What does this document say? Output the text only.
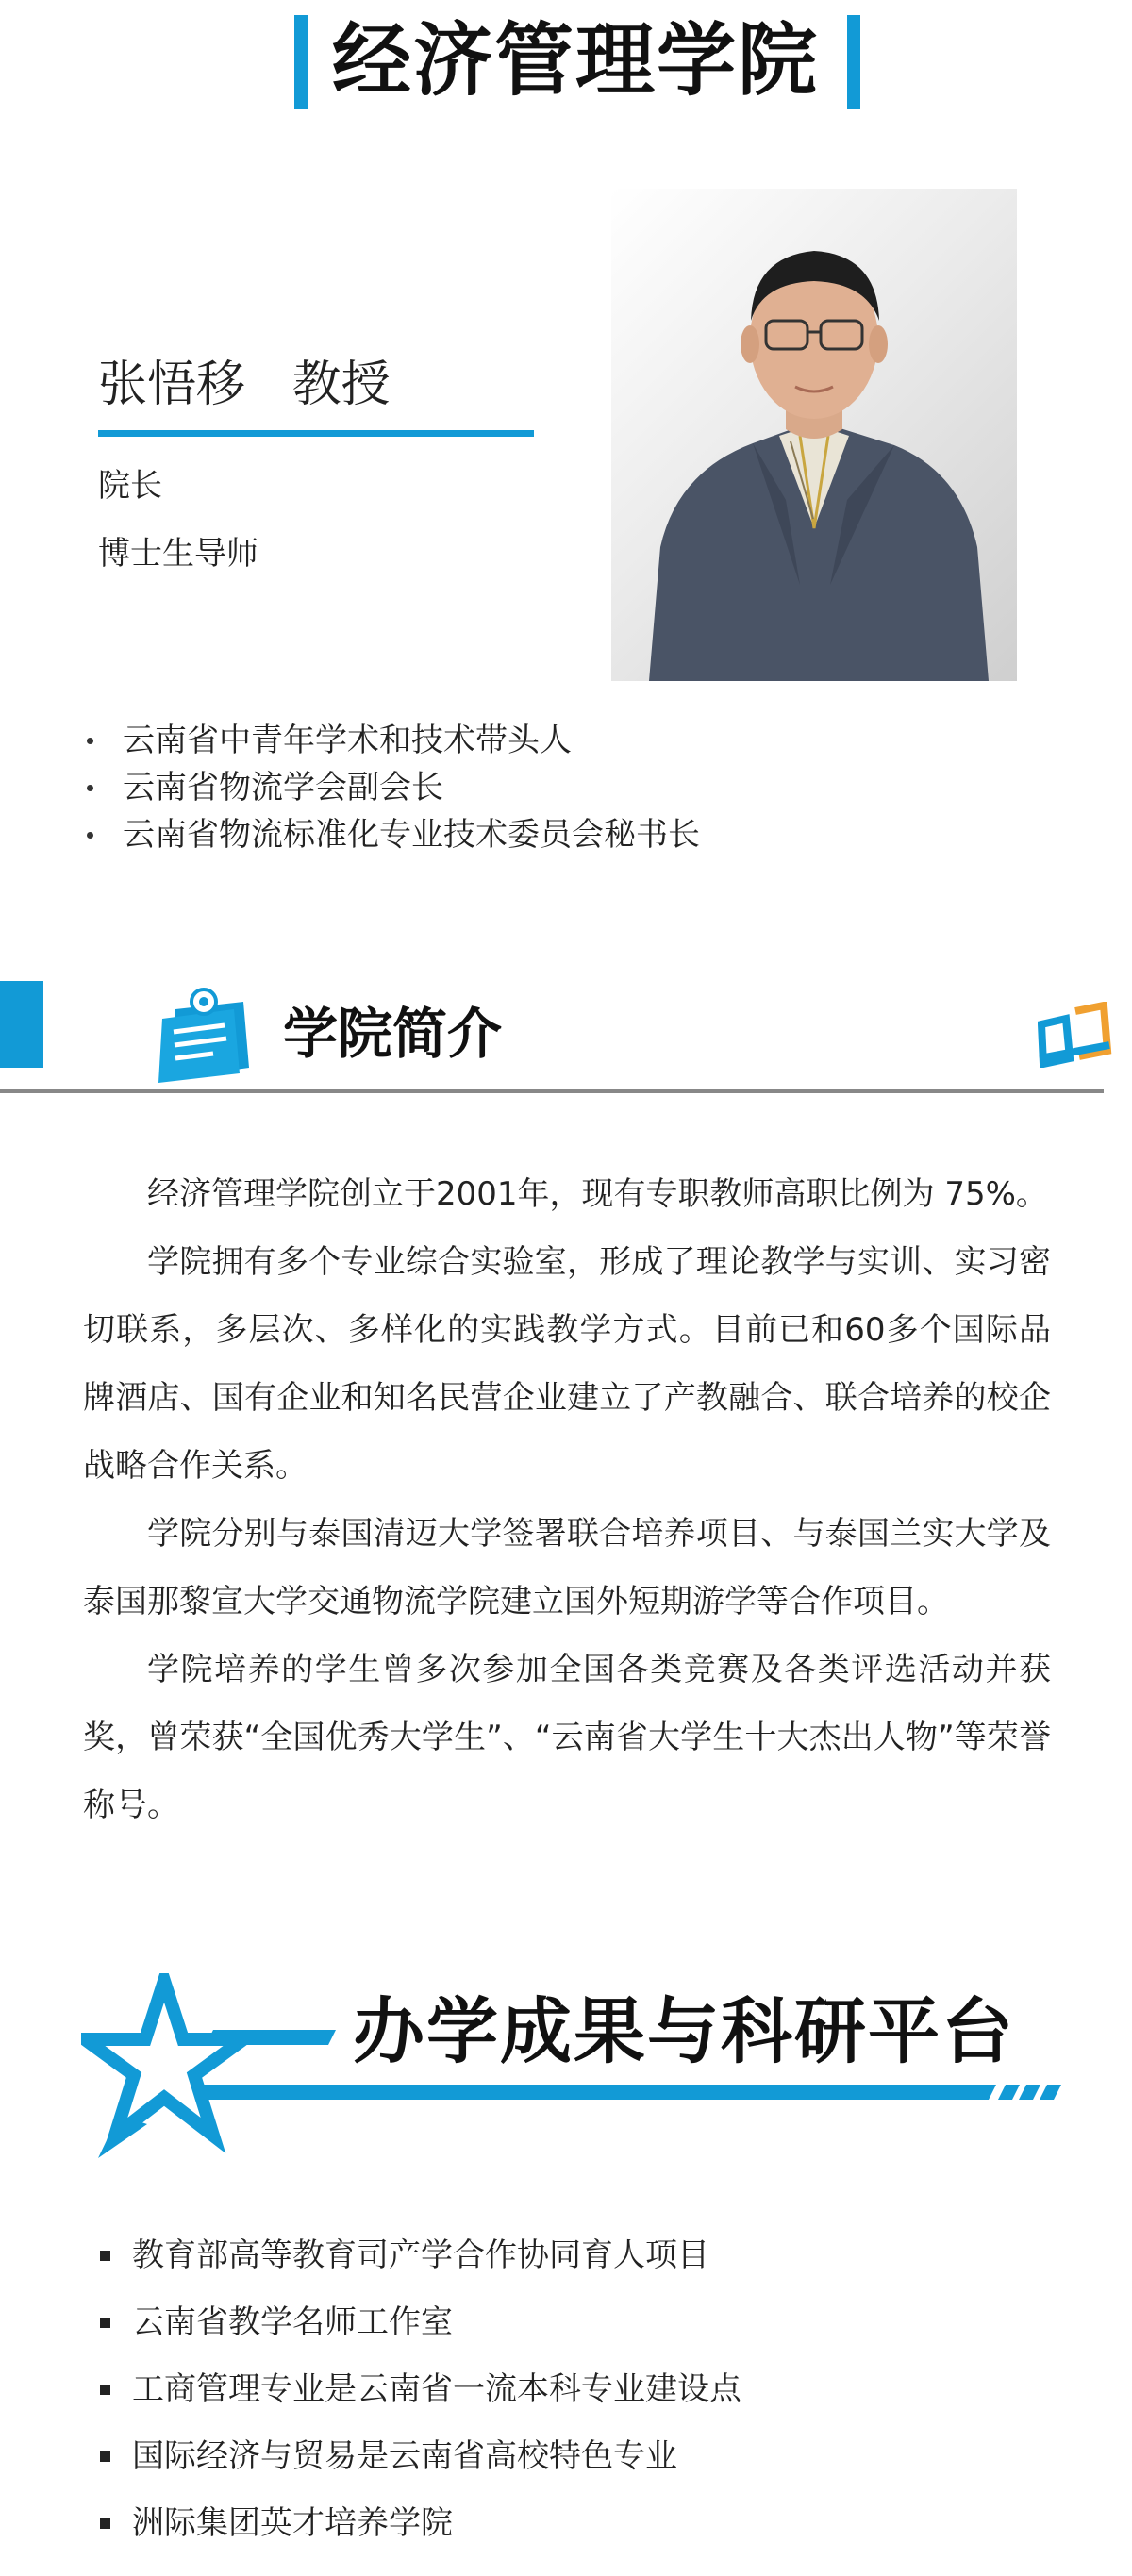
经济管理学院
张悟移   教授
院长
博士生导师
云南省中青年学术和技术带头人
云南省物流学会副会长
云南省物流标准化专业技术委员会秘书长
学院简介

经济管理学院创立于2001年，现有专职教师高职比例为 75%。

学院拥有多个专业综合实验室，形成了理论教学与实训、实习密切联系，多层次、多样化的实践教学方式。目前已和60多个国际品牌酒店、国有企业和知名民营企业建立了产教融合、联合培养的校企战略合作关系。

学院分别与泰国清迈大学签署联合培养项目、与泰国兰实大学及泰国那黎宣大学交通物流学院建立国外短期游学等合作项目。

学院培养的学生曾多次参加全国各类竞赛及各类评选活动并获奖，曾荣获“全国优秀大学生”、“云南省大学生十大杰出人物”等荣誉称号。

办学成果与科研平台
教育部高等教育司产学合作协同育人项目
云南省教学名师工作室
工商管理专业是云南省一流本科专业建设点
国际经济与贸易是云南省高校特色专业
洲际集团英才培养学院
